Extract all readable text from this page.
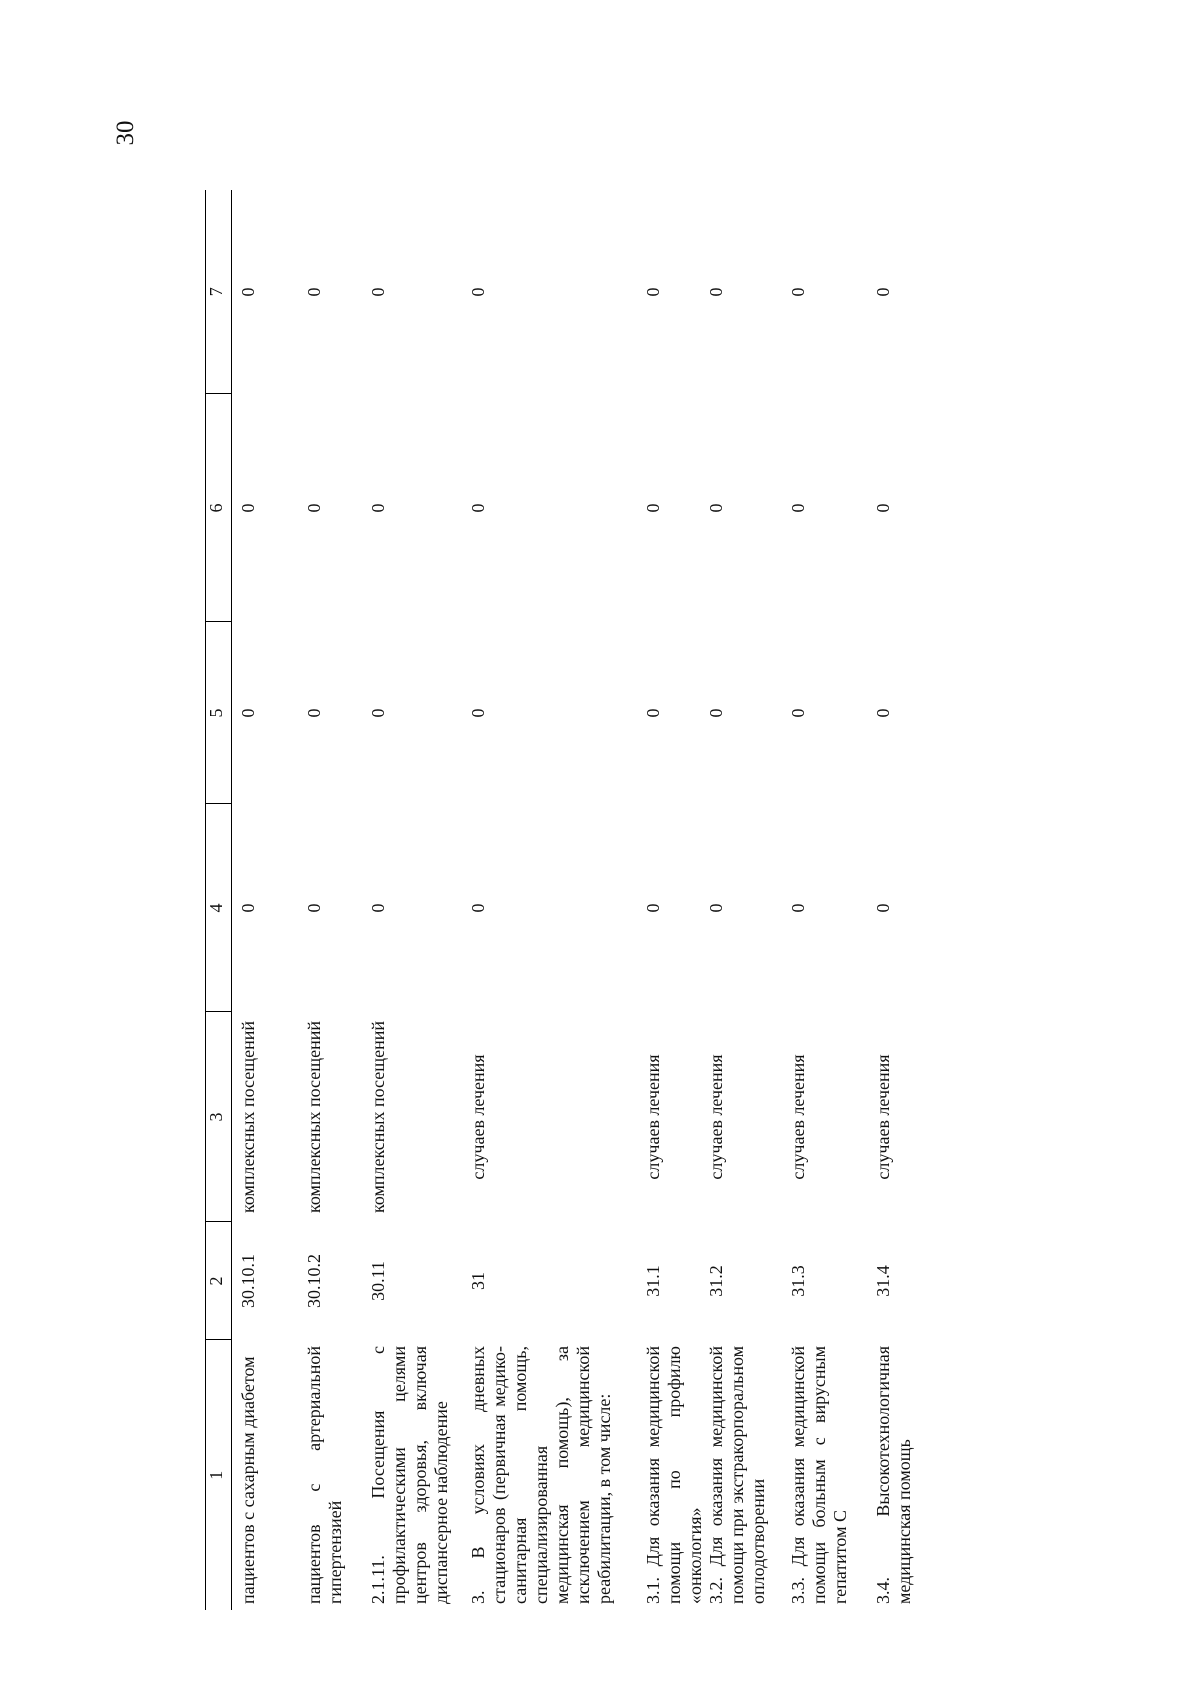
30
1	2	3	4	5	6	7
пациентов с сахарным диабетом	30.10.1	комплексных посещений	0	0	0	0
пациентов с артериальной гипертензией	30.10.2	комплексных посещений	0	0	0	0
2.1.11. Посещения с профилактическими целями центров здоровья, включая диспансерное наблюдение	30.11	комплексных посещений	0	0	0	0
3. В условиях дневных стационаров (первичная медико-санитарная помощь, специализированная медицинская помощь), за исключением медицинской реабилитации, в том числе:	31	случаев лечения	0	0	0	0
3.1. Для оказания медицинской помощи по профилю «онкология»	31.1	случаев лечения	0	0	0	0
3.2. Для оказания медицинской помощи при экстракорпоральном оплодотворении	31.2	случаев лечения	0	0	0	0
3.3. Для оказания медицинской помощи больным с вирусным гепатитом С	31.3	случаев лечения	0	0	0	0
3.4. Высокотехнологичная медицинская помощь	31.4	случаев лечения	0	0	0	0
